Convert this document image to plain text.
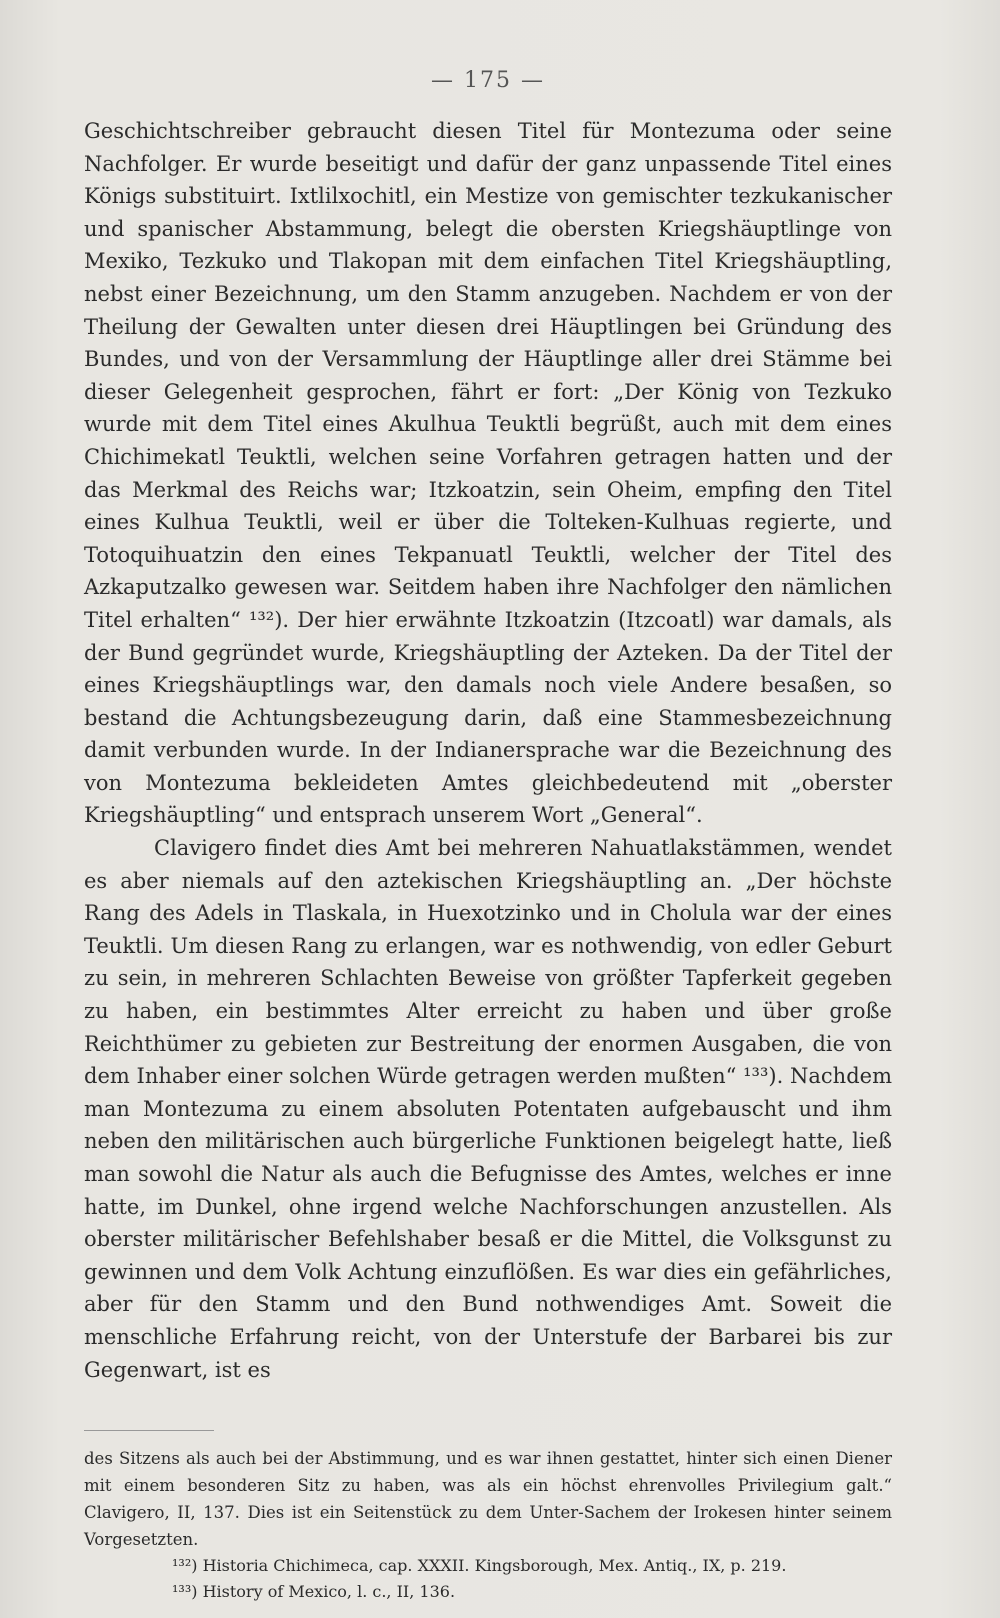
— 175 —

Geschichtschreiber gebraucht diesen Titel für Montezuma oder seine Nachfolger. Er wurde beseitigt und dafür der ganz unpassende Titel eines Königs substituirt. Ixtlilxochitl, ein Mestize von gemischter tezkukanischer und spanischer Abstammung, belegt die obersten Kriegshäuptlinge von Mexiko, Tezkuko und Tlakopan mit dem einfachen Titel Kriegshäuptling, nebst einer Bezeichnung, um den Stamm anzugeben. Nachdem er von der Theilung der Gewalten unter diesen drei Häuptlingen bei Gründung des Bundes, und von der Versammlung der Häuptlinge aller drei Stämme bei dieser Gelegenheit gesprochen, fährt er fort: „Der König von Tezkuko wurde mit dem Titel eines Akulhua Teuktli begrüßt, auch mit dem eines Chichimekatl Teuktli, welchen seine Vorfahren getragen hatten und der das Merkmal des Reichs war; Itzkoatzin, sein Oheim, empfing den Titel eines Kulhua Teuktli, weil er über die Tolteken-Kulhuas regierte, und Totoquihuatzin den eines Tekpanuatl Teuktli, welcher der Titel des Azkaputzalko gewesen war. Seitdem haben ihre Nachfolger den nämlichen Titel erhalten“ ¹³²). Der hier erwähnte Itzkoatzin (Itzcoatl) war damals, als der Bund gegründet wurde, Kriegshäuptling der Azteken. Da der Titel der eines Kriegshäuptlings war, den damals noch viele Andere besaßen, so bestand die Achtungsbezeugung darin, daß eine Stammesbezeichnung damit verbunden wurde. In der Indianersprache war die Bezeichnung des von Montezuma bekleideten Amtes gleichbedeutend mit „oberster Kriegshäuptling“ und entsprach unserem Wort „General“.

Clavigero findet dies Amt bei mehreren Nahuatlakstämmen, wendet es aber niemals auf den aztekischen Kriegshäuptling an. „Der höchste Rang des Adels in Tlaskala, in Huexotzinko und in Cholula war der eines Teuktli. Um diesen Rang zu erlangen, war es nothwendig, von edler Geburt zu sein, in mehreren Schlachten Beweise von größter Tapferkeit gegeben zu haben, ein bestimmtes Alter erreicht zu haben und über große Reichthümer zu gebieten zur Bestreitung der enormen Ausgaben, die von dem Inhaber einer solchen Würde getragen werden mußten“ ¹³³). Nachdem man Montezuma zu einem absoluten Potentaten aufgebauscht und ihm neben den militärischen auch bürgerliche Funktionen beigelegt hatte, ließ man sowohl die Natur als auch die Befugnisse des Amtes, welches er inne hatte, im Dunkel, ohne irgend welche Nachforschungen anzustellen. Als oberster militärischer Befehlshaber besaß er die Mittel, die Volksgunst zu gewinnen und dem Volk Achtung einzuflößen. Es war dies ein gefährliches, aber für den Stamm und den Bund nothwendiges Amt. Soweit die menschliche Erfahrung reicht, von der Unterstufe der Barbarei bis zur Gegenwart, ist es

des Sitzens als auch bei der Abstimmung, und es war ihnen gestattet, hinter sich einen Diener mit einem besonderen Sitz zu haben, was als ein höchst ehrenvolles Privilegium galt.“ Clavigero, II, 137. Dies ist ein Seitenstück zu dem Unter-Sachem der Irokesen hinter seinem Vorgesetzten.

¹³²) Historia Chichimeca, cap. XXXII. Kingsborough, Mex. Antiq., IX, p. 219.

¹³³) History of Mexico, l. c., II, 136.
